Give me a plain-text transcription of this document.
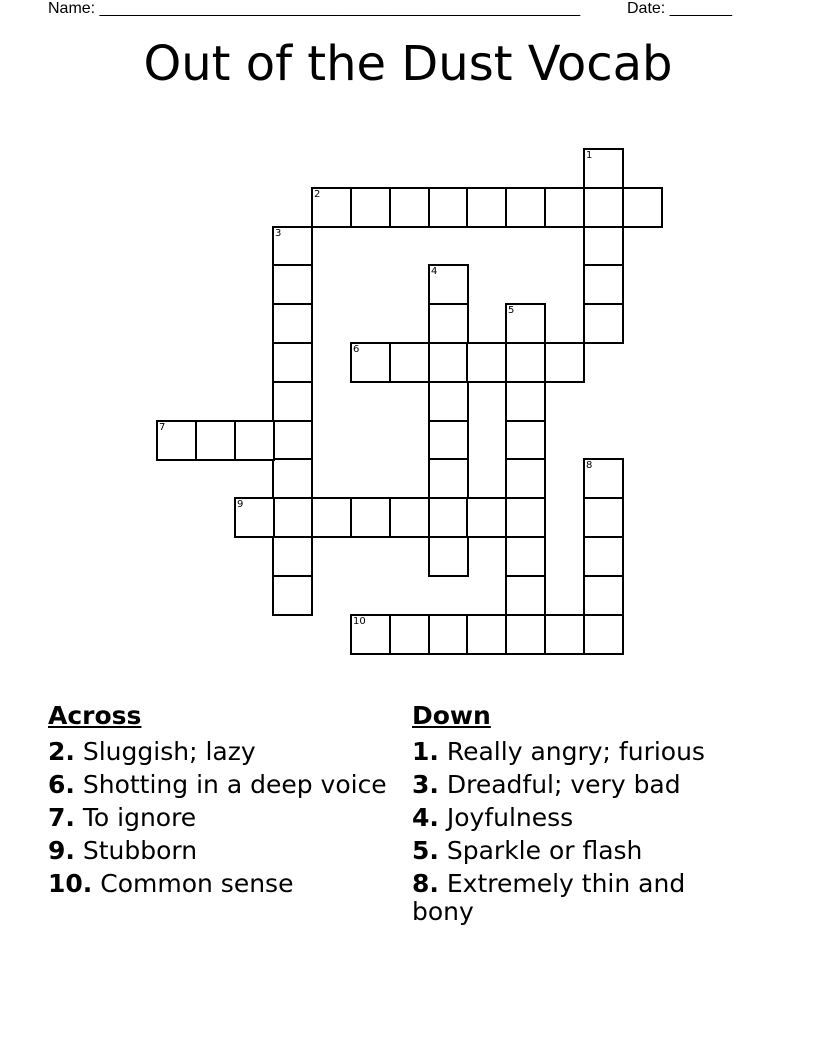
Name: ______________________________________________________	Date: _______
Out of the Dust Vocab
1
2
3
4
5
6
7
8
9
10
Across
2. Sluggish; lazy
6. Shotting in a deep voice
7. To ignore
9. Stubborn
10. Common sense
Down
1. Really angry; furious
3. Dreadful; very bad
4. Joyfulness
5. Sparkle or flash
8. Extremely thin and bony
